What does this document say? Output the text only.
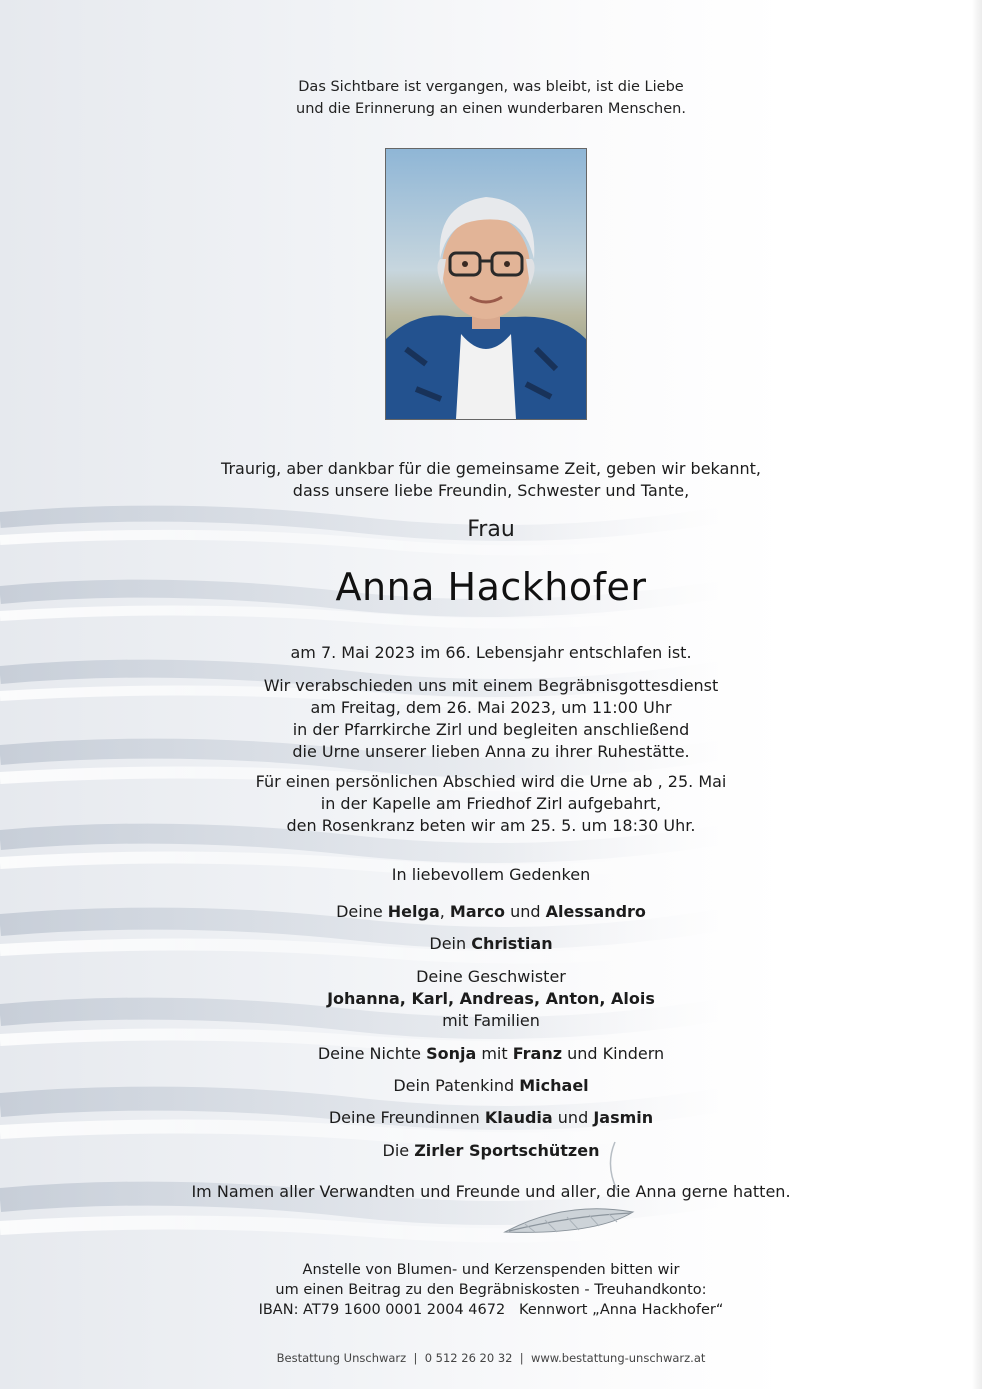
Das Sichtbare ist vergangen, was bleibt, ist die Liebe
und die Erinnerung an einen wunderbaren Menschen.
Traurig, aber dankbar für die gemeinsame Zeit, geben wir bekannt,
dass unsere liebe Freundin, Schwester und Tante,
Frau
Anna Hackhofer
am 7. Mai 2023 im 66. Lebensjahr entschlafen ist.
Wir verabschieden uns mit einem Begräbnisgottesdienst
am Freitag, dem 26. Mai 2023, um 11:00 Uhr
in der Pfarrkirche Zirl und begleiten anschließend
die Urne unserer lieben Anna zu ihrer Ruhestätte.
Für einen persönlichen Abschied wird die Urne ab , 25. Mai
in der Kapelle am Friedhof Zirl aufgebahrt,
den Rosenkranz beten wir am 25. 5. um 18:30 Uhr.
In liebevollem Gedenken
Deine Helga, Marco und Alessandro
Dein Christian
Deine Geschwister
Johanna, Karl, Andreas, Anton, Alois
mit Familien
Deine Nichte Sonja mit Franz und Kindern
Dein Patenkind Michael
Deine Freundinnen Klaudia und Jasmin
Die Zirler Sportschützen
Im Namen aller Verwandten und Freunde und aller, die Anna gerne hatten.
Anstelle von Blumen- und Kerzenspenden bitten wir
um einen Beitrag zu den Begräbniskosten - Treuhandkonto:
IBAN: AT79 1600 0001 2004 4672   Kennwort „Anna Hackhofer“
Bestattung Unschwarz  |  0 512 26 20 32  |  www.bestattung-unschwarz.at
